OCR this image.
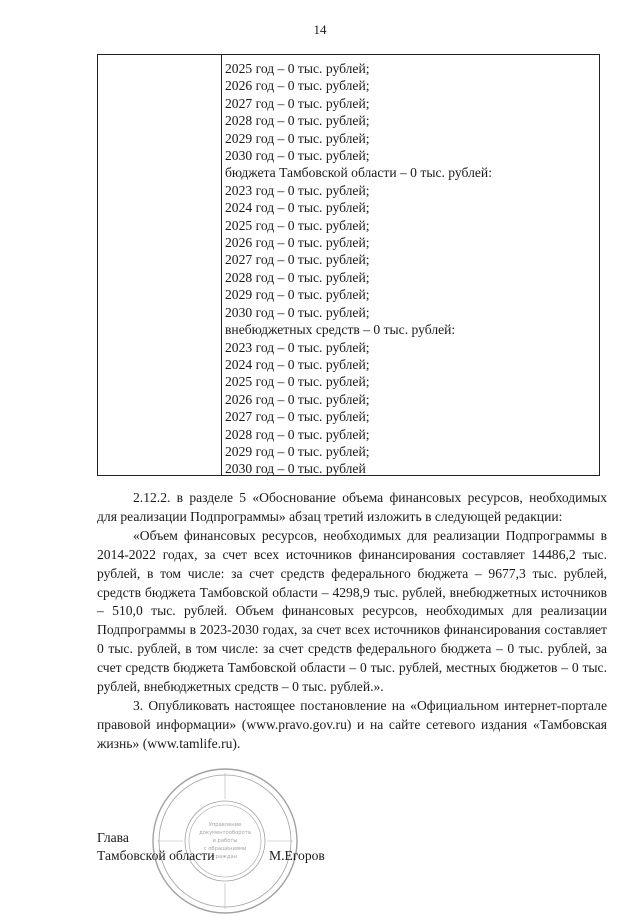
14
2025 год – 0 тыс. рублей;
2026 год – 0 тыс. рублей;
2027 год – 0 тыс. рублей;
2028 год – 0 тыс. рублей;
2029 год – 0 тыс. рублей;
2030 год – 0 тыс. рублей;
бюджета Тамбовской области – 0 тыс. рублей:
2023 год – 0 тыс. рублей;
2024 год – 0 тыс. рублей;
2025 год – 0 тыс. рублей;
2026 год – 0 тыс. рублей;
2027 год – 0 тыс. рублей;
2028 год – 0 тыс. рублей;
2029 год – 0 тыс. рублей;
2030 год – 0 тыс. рублей;
внебюджетных средств – 0 тыс. рублей:
2023 год – 0 тыс. рублей;
2024 год – 0 тыс. рублей;
2025 год – 0 тыс. рублей;
2026 год – 0 тыс. рублей;
2027 год – 0 тыс. рублей;
2028 год – 0 тыс. рублей;
2029 год – 0 тыс. рублей;
2030 год – 0 тыс. рублей
2.12.2. в разделе 5 «Обоснование объема финансовых ресурсов, необходимых для реализации Подпрограммы» абзац третий изложить в следующей редакции:
«Объем финансовых ресурсов, необходимых для реализации Подпрограммы в 2014-2022 годах, за счет всех источников финансирования составляет 14486,2 тыс. рублей, в том числе: за счет средств федерального бюджета – 9677,3 тыс. рублей, средств бюджета Тамбовской области – 4298,9 тыс. рублей, внебюджетных источников – 510,0 тыс. рублей. Объем финансовых ресурсов, необходимых для реализации Подпрограммы в 2023-2030 годах, за счет всех источников финансирования составляет 0 тыс. рублей, в том числе: за счет средств федерального бюджета – 0 тыс. рублей, за счет средств бюджета Тамбовской области – 0 тыс. рублей, местных бюджетов – 0 тыс. рублей, внебюджетных средств – 0 тыс. рублей.».
3. Опубликовать настоящее постановление на «Официальном интернет-портале правовой информации» (www.pravo.gov.ru) и на сайте сетевого издания «Тамбовская жизнь» (www.tamlife.ru).
Управление
документооборота
и работы
с обращениями
граждан
Глава
Тамбовской области	М.Егоров
